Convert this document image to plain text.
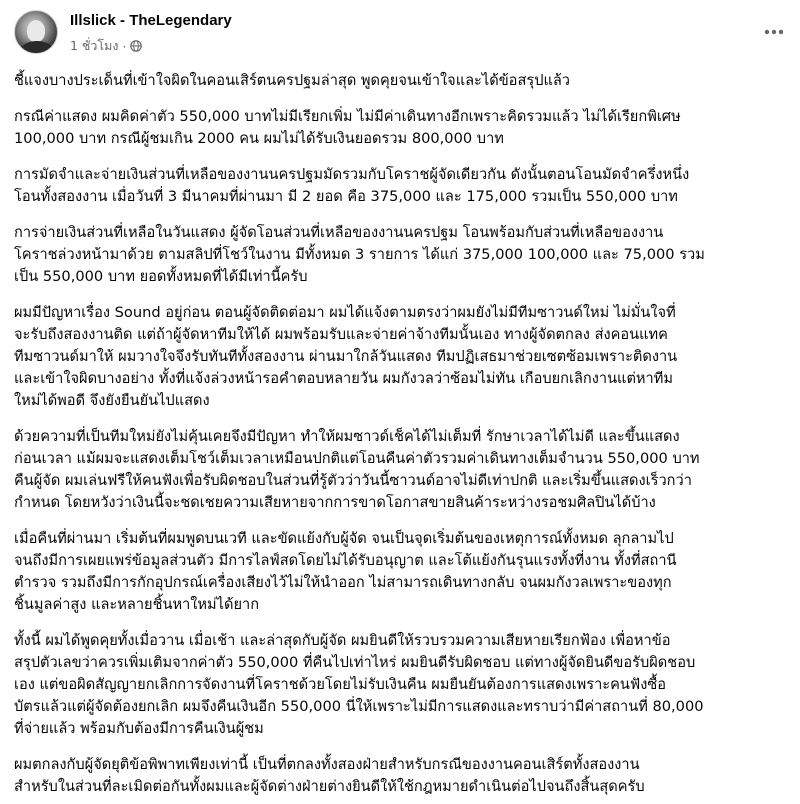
Illslick - TheLegendary
1 ชั่วโมง ·
ชี้แจงบางประเด็นที่เข้าใจผิดในคอนเสิร์ตนครปฐมล่าสุด พูดคุยจนเข้าใจและได้ข้อสรุปแล้ว
กรณีค่าแสดง ผมคิดค่าตัว 550,000 บาทไม่มีเรียกเพิ่ม ไม่มีค่าเดินทางอีกเพราะคิดรวมแล้ว ไม่ได้เรียกพิเศษ
100,000 บาท กรณีผู้ชมเกิน 2000 คน ผมไม่ได้รับเงินยอดรวม 800,000 บาท
การมัดจำและจ่ายเงินส่วนที่เหลือของงานนครปฐมมัดรวมกับโคราชผู้จัดเดียวกัน ดังนั้นตอนโอนมัดจำครึ่งหนึ่ง
โอนทั้งสองงาน เมื่อวันที่ 3 มีนาคมที่ผ่านมา มี 2 ยอด คือ 375,000 และ 175,000 รวมเป็น 550,000 บาท
การจ่ายเงินส่วนที่เหลือในวันแสดง ผู้จัดโอนส่วนที่เหลือของงานนครปฐม โอนพร้อมกับส่วนที่เหลือของงาน
โคราชล่วงหน้ามาด้วย ตามสลิปที่โชว์ในงาน มีทั้งหมด 3 รายการ ได้แก่ 375,000 100,000 และ 75,000 รวม
เป็น 550,000 บาท ยอดทั้งหมดที่ได้มีเท่านี้ครับ
ผมมีปัญหาเรื่อง Sound อยู่ก่อน ตอนผู้จัดติดต่อมา ผมได้แจ้งตามตรงว่าผมยังไม่มีทีมซาวนด์ใหม่ ไม่มั่นใจที่
จะรับถึงสองงานติด แต่ถ้าผู้จัดหาทีมให้ได้ ผมพร้อมรับและจ่ายค่าจ้างทีมนั้นเอง ทางผู้จัดตกลง ส่งคอนแทค
ทีมซาวนด์มาให้ ผมวางใจจึงรับทันทีทั้งสองงาน ผ่านมาใกล้วันแสดง ทีมปฏิเสธมาช่วยเซตซ้อมเพราะติดงาน
และเข้าใจผิดบางอย่าง ทั้งที่แจ้งล่วงหน้ารอคำตอบหลายวัน ผมกังวลว่าซ้อมไม่ทัน เกือบยกเลิกงานแต่หาทีม
ใหม่ได้พอดี จึงยังยืนยันไปแสดง
ด้วยความที่เป็นทีมใหม่ยังไม่คุ้นเคยจึงมีปัญหา ทำให้ผมซาวด์เช็คได้ไม่เต็มที่ รักษาเวลาได้ไม่ดี และขึ้นแสดง
ก่อนเวลา แม้ผมจะแสดงเต็มโชว์เต็มเวลาเหมือนปกติแต่โอนคืนค่าตัวรวมค่าเดินทางเต็มจำนวน 550,000 บาท
คืนผู้จัด ผมเล่นฟรีให้คนฟังเพื่อรับผิดชอบในส่วนที่รู้ตัวว่าวันนี้ซาวนด์อาจไม่ดีเท่าปกติ และเริ่มขึ้นแสดงเร็วกว่า
กำหนด โดยหวังว่าเงินนี้จะชดเชยความเสียหายจากการขาดโอกาสขายสินค้าระหว่างรอชมศิลปินได้บ้าง
เมื่อคืนที่ผ่านมา เริ่มต้นที่ผมพูดบนเวที และขัดแย้งกับผู้จัด จนเป็นจุดเริ่มต้นของเหตุการณ์ทั้งหมด ลุกลามไป
จนถึงมีการเผยแพร่ข้อมูลส่วนตัว มีการไลฟ์สดโดยไม่ได้รับอนุญาต และโต้แย้งกันรุนแรงทั้งที่งาน ทั้งที่สถานี
ตำรวจ รวมถึงมีการกักอุปกรณ์เครื่องเสียงไว้ไม่ให้นำออก ไม่สามารถเดินทางกลับ จนผมกังวลเพราะของทุก
ชิ้นมูลค่าสูง และหลายชิ้นหาใหม่ได้ยาก
ทั้งนี้ ผมได้พูดคุยทั้งเมื่อวาน เมื่อเช้า และล่าสุดกับผู้จัด ผมยินดีให้รวบรวมความเสียหายเรียกฟ้อง เพื่อหาข้อ
สรุปตัวเลขว่าควรเพิ่มเติมจากค่าตัว 550,000 ที่คืนไปเท่าไหร่ ผมยินดีรับผิดชอบ แต่ทางผู้จัดยินดีขอรับผิดชอบ
เอง แต่ขอผิดสัญญายกเลิกการจัดงานที่โคราชด้วยโดยไม่รับเงินคืน ผมยืนยันต้องการแสดงเพราะคนฟังซื้อ
บัตรแล้วแต่ผู้จัดต้องยกเลิก ผมจึงคืนเงินอีก 550,000 นี่ให้เพราะไม่มีการแสดงและทราบว่ามีค่าสถานที่ 80,000
ที่จ่ายแล้ว พร้อมกับต้องมีการคืนเงินผู้ชม
ผมตกลงกับผู้จัดยุติข้อพิพาทเพียงเท่านี้ เป็นที่ตกลงทั้งสองฝ่ายสำหรับกรณีของงานคอนเสิร์ตทั้งสองงาน
สำหรับในส่วนที่ละเมิดต่อกันทั้งผมและผู้จัดต่างฝ่ายต่างยินดีให้ใช้กฎหมายดำเนินต่อไปจนถึงสิ้นสุดครับ
